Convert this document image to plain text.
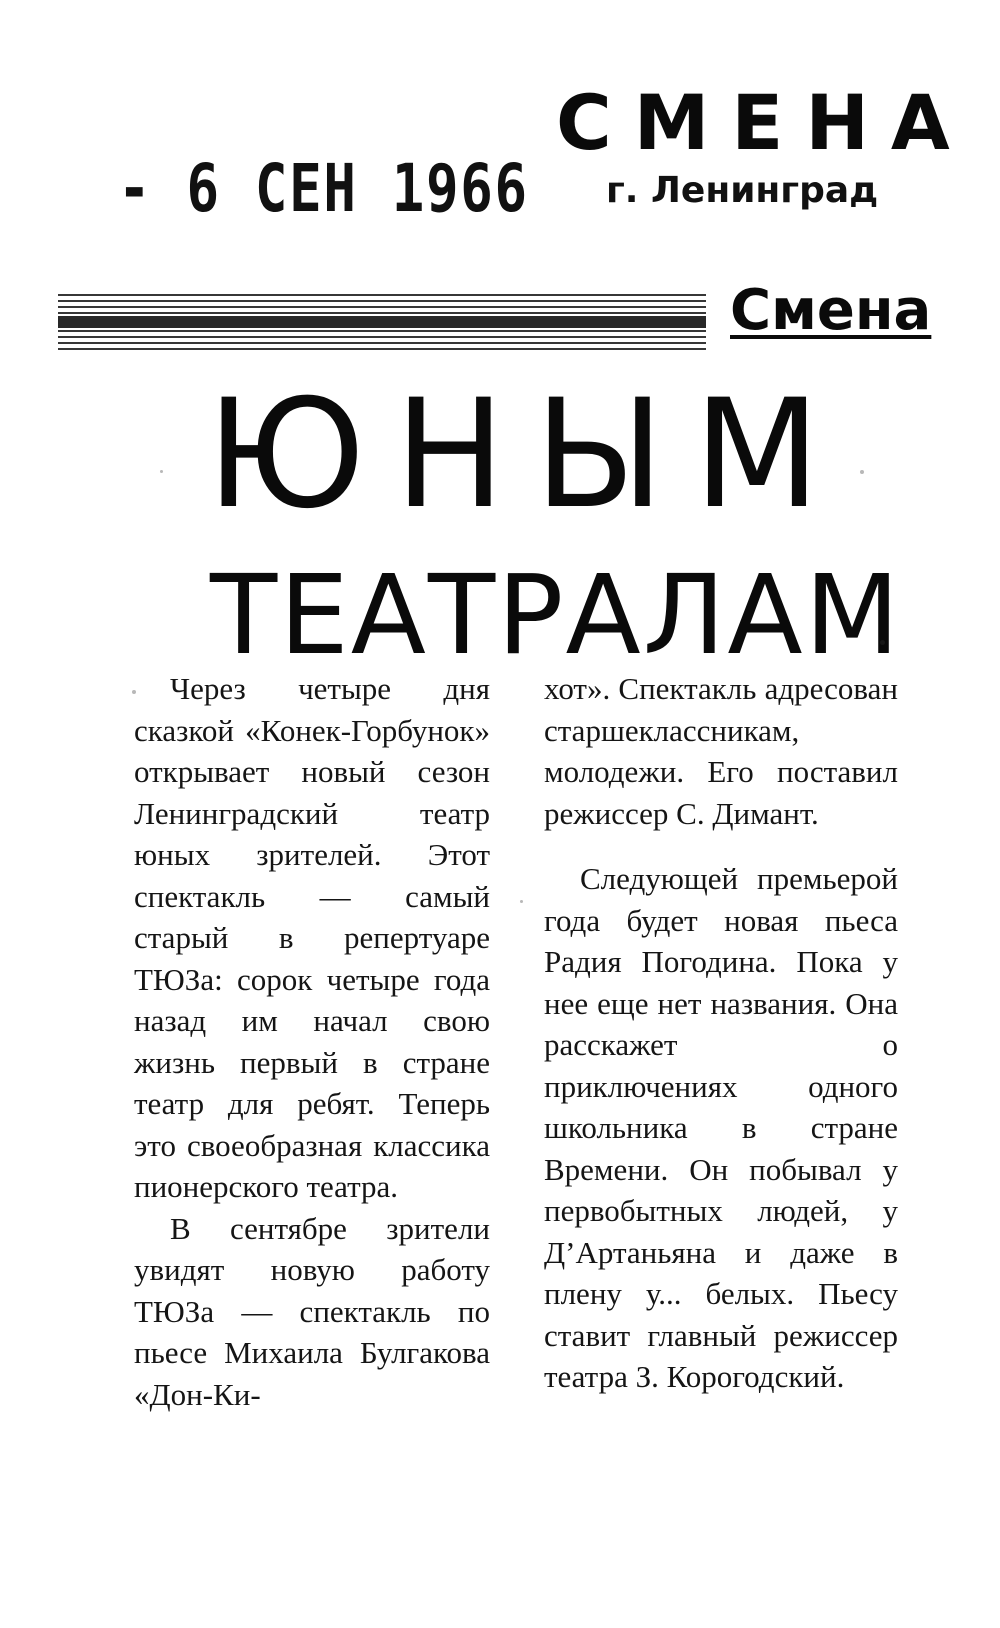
- 6 СЕН 1966
СМЕНА
г. Ленинград
Смена
ЮНЫМ
ТЕАТРАЛАМ

Через четыре дня сказкой «Конек-Горбунок» открывает новый сезон Ленинградский театр юных зрителей. Этот спектакль — самый старый в репертуаре ТЮЗа: сорок четыре года назад им начал свою жизнь первый в стране театр для ребят. Теперь это своеобразная классика пионерского театра.

В сентябре зрители увидят новую работу ТЮЗа — спектакль по пьесе Михаила Булгакова «Дон-Ки-

хот». Спектакль адресован старшеклассникам, молодежи. Его поставил режиссер С. Димант.

Следующей премьерой года будет новая пьеса Радия Погодина. Пока у нее еще нет названия. Она расскажет о приключениях одного школьника в стране Времени. Он побывал у первобытных людей, у Д’Артаньяна и даже в плену у... белых. Пьесу ставит главный режиссер театра З. Корогодский.
